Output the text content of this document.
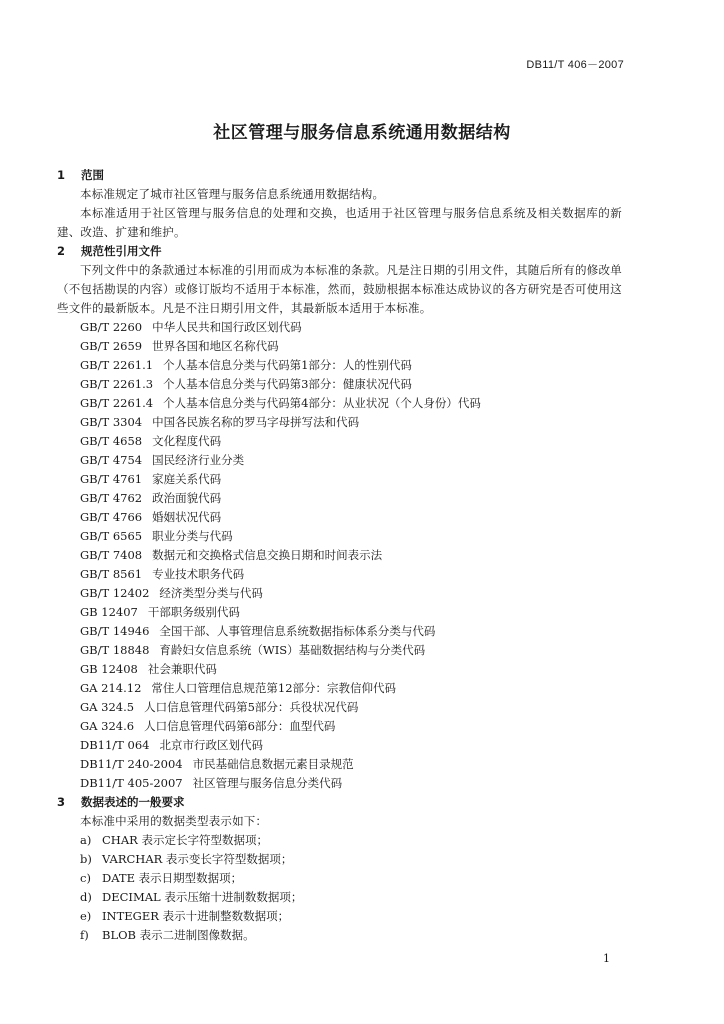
DB11/T 406－2007
社区管理与服务信息系统通用数据结构
1	范围
本标准规定了城市社区管理与服务信息系统通用数据结构。
本标准适用于社区管理与服务信息的处理和交换，也适用于社区管理与服务信息系统及相关数据库的新建、改造、扩建和维护。
2	规范性引用文件
下列文件中的条款通过本标准的引用而成为本标准的条款。凡是注日期的引用文件，其随后所有的修改单（不包括勘误的内容）或修订版均不适用于本标准，然而，鼓励根据本标准达成协议的各方研究是否可使用这些文件的最新版本。凡是不注日期引用文件，其最新版本适用于本标准。
GB/T 2260 中华人民共和国行政区划代码
GB/T 2659 世界各国和地区名称代码
GB/T 2261.1 个人基本信息分类与代码第1部分：人的性别代码
GB/T 2261.3 个人基本信息分类与代码第3部分：健康状况代码
GB/T 2261.4 个人基本信息分类与代码第4部分：从业状况（个人身份）代码
GB/T 3304 中国各民族名称的罗马字母拼写法和代码
GB/T 4658 文化程度代码
GB/T 4754 国民经济行业分类
GB/T 4761 家庭关系代码
GB/T 4762 政治面貌代码
GB/T 4766 婚姻状况代码
GB/T 6565 职业分类与代码
GB/T 7408 数据元和交换格式信息交换日期和时间表示法
GB/T 8561 专业技术职务代码
GB/T 12402 经济类型分类与代码
GB 12407 干部职务级别代码
GB/T 14946 全国干部、人事管理信息系统数据指标体系分类与代码
GB/T 18848 育龄妇女信息系统（WIS）基础数据结构与分类代码
GB 12408 社会兼职代码
GA 214.12 常住人口管理信息规范第12部分：宗教信仰代码
GA 324.5 人口信息管理代码第5部分：兵役状况代码
GA 324.6 人口信息管理代码第6部分：血型代码
DB11/T 064 北京市行政区划代码
DB11/T 240-2004 市民基础信息数据元素目录规范
DB11/T 405-2007 社区管理与服务信息分类代码
3	数据表述的一般要求
本标准中采用的数据类型表示如下：
a) CHAR 表示定长字符型数据项；
b) VARCHAR 表示变长字符型数据项；
c) DATE 表示日期型数据项；
d) DECIMAL 表示压缩十进制数数据项；
e) INTEGER 表示十进制整数数据项；
f) BLOB 表示二进制图像数据。
1
